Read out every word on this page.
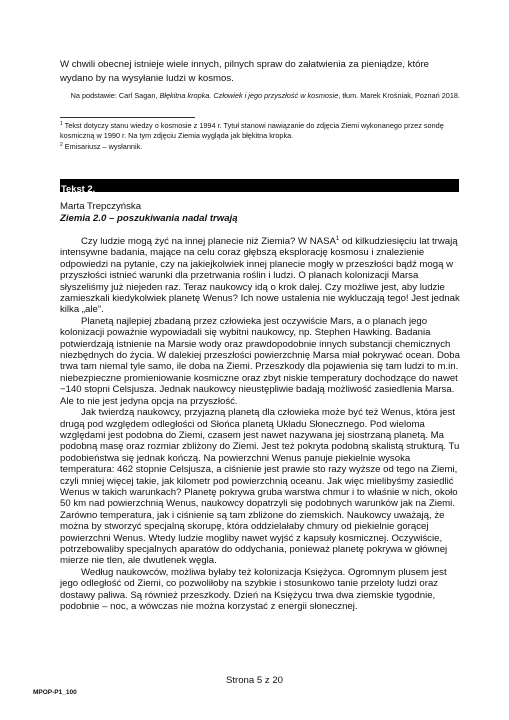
W chwili obecnej istnieje wiele innych, pilnych spraw do załatwienia za pieniądze, które wydano by na wysyłanie ludzi w kosmos.
Na podstawie: Carl Sagan, Błękitna kropka. Człowiek i jego przyszłość w kosmosie, tłum. Marek Krośniak, Poznań 2018.
$^1$ Tekst dotyczy stanu wiedzy o kosmosie z 1994 r. Tytuł stanowi nawiązanie do zdjęcia Ziemi wykonanego przez sondę kosmiczną w 1990 r. Na tym zdjęciu Ziemia wygląda jak błękitna kropka.
$^2$ Emisariusz – wysłannik.
Tekst 2.
Marta Trepczyńska
Ziemia 2.0 – poszukiwania nadal trwają

Czy ludzie mogą żyć na innej planecie niż Ziemia? W NASA$^1$ od kilkudziesięciu lat trwają intensywne badania, mające na celu coraz głębszą eksplorację kosmosu i znalezienie odpowiedzi na pytanie, czy na jakiejkolwiek innej planecie mogły w przeszłości bądź mogą w przyszłości istnieć warunki dla przetrwania roślin i ludzi. O planach kolonizacji Marsa słyszeliśmy już niejeden raz. Teraz naukowcy idą o krok dalej. Czy możliwe jest, aby ludzie zamieszkali kiedykolwiek planetę Wenus? Ich nowe ustalenia nie wykluczają tego! Jest jednak kilka „ale”.

Planetą najlepiej zbadaną przez człowieka jest oczywiście Mars, a o planach jego kolonizacji poważnie wypowiadali się wybitni naukowcy, np. Stephen Hawking. Badania potwierdzają istnienie na Marsie wody oraz prawdopodobnie innych substancji chemicznych niezbędnych do życia. W dalekiej przeszłości powierzchnię Marsa miał pokrywać ocean. Doba trwa tam niemal tyle samo, ile doba na Ziemi. Przeszkody dla pojawienia się tam ludzi to m.in. niebezpieczne promieniowanie kosmiczne oraz zbyt niskie temperatury dochodzące do nawet −140 stopni Celsjusza. Jednak naukowcy nieustępliwie badają możliwość zasiedlenia Marsa. Ale to nie jest jedyna opcja na przyszłość.

Jak twierdzą naukowcy, przyjazną planetą dla człowieka może być też Wenus, która jest drugą pod względem odległości od Słońca planetą Układu Słonecznego. Pod wieloma względami jest podobna do Ziemi, czasem jest nawet nazywana jej siostrzaną planetą. Ma podobną masę oraz rozmiar zbliżony do Ziemi. Jest też pokryta podobną skalistą strukturą. Tu podobieństwa się jednak kończą. Na powierzchni Wenus panuje piekielnie wysoka temperatura: 462 stopnie Celsjusza, a ciśnienie jest prawie sto razy wyższe od tego na Ziemi, czyli mniej więcej takie, jak kilometr pod powierzchnią oceanu. Jak więc mielibyśmy zasiedlić Wenus w takich warunkach? Planetę pokrywa gruba warstwa chmur i to właśnie w nich, około 50 km nad powierzchnią Wenus, naukowcy dopatrzyli się podobnych warunków jak na Ziemi. Zarówno temperatura, jak i ciśnienie są tam zbliżone do ziemskich. Naukowcy uważają, że można by stworzyć specjalną skorupę, która oddzielałaby chmury od piekielnie gorącej powierzchni Wenus. Wtedy ludzie mogliby nawet wyjść z kapsuły kosmicznej. Oczywiście, potrzebowaliby specjalnych aparatów do oddychania, ponieważ planetę pokrywa w głównej mierze nie tlen, ale dwutlenek węgla.

Według naukowców, możliwa byłaby też kolonizacja Księżyca. Ogromnym plusem jest jego odległość od Ziemi, co pozwoliłoby na szybkie i stosunkowo tanie przeloty ludzi oraz dostawy paliwa. Są również przeszkody. Dzień na Księżycu trwa dwa ziemskie tygodnie, podobnie – noc, a wówczas nie można korzystać z energii słonecznej.

Strona 5 z 20
MPOP-P1_100
